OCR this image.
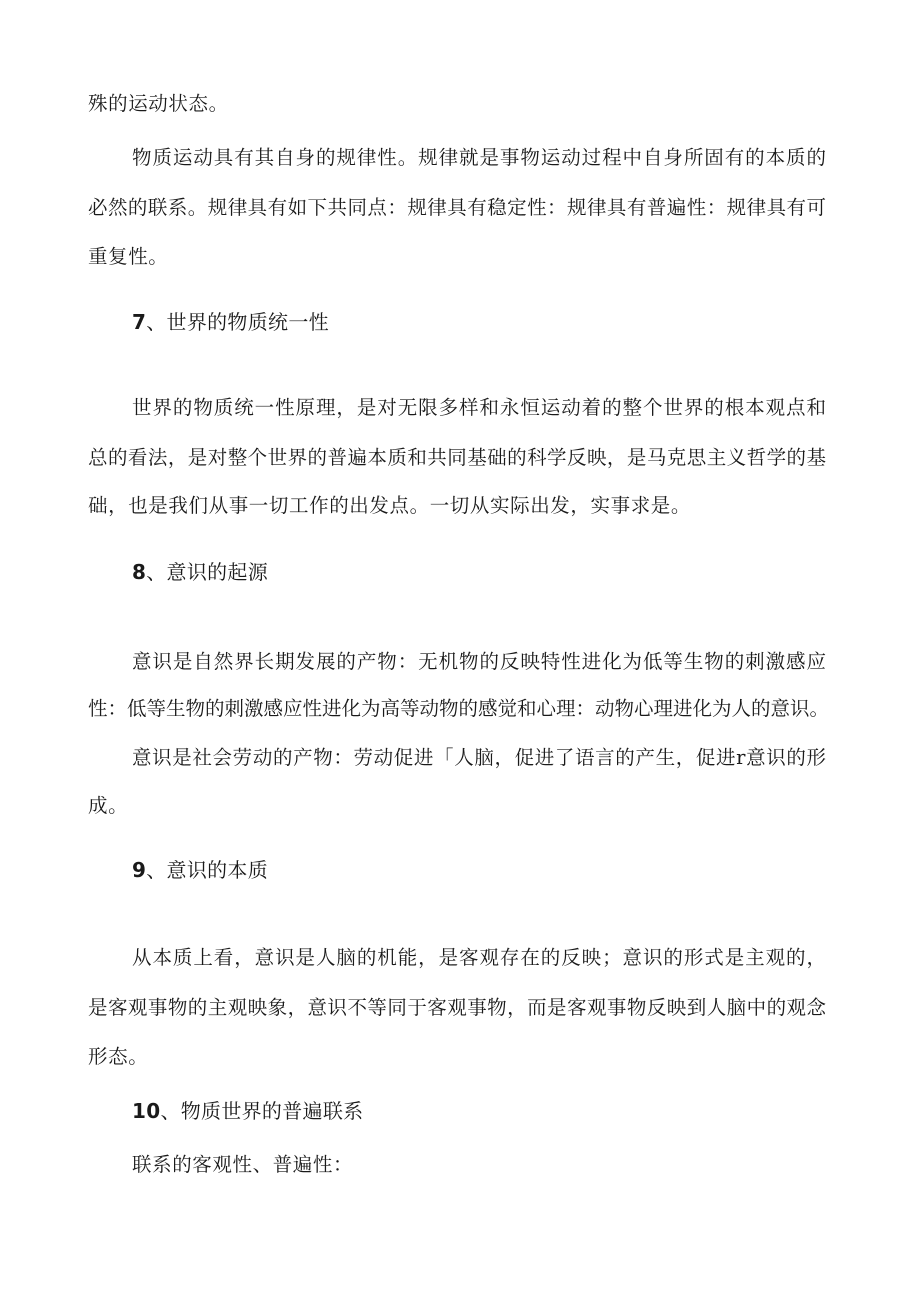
殊的运动状态。
物质运动具有其自身的规律性。规律就是事物运动过程中自身所固有的本质的
必然的联系。规律具有如下共同点：规律具有稳定性：规律具有普遍性：规律具有可
重复性。
7、世界的物质统一性
世界的物质统一性原理，是对无限多样和永恒运动着的整个世界的根本观点和
总的看法，是对整个世界的普遍本质和共同基础的科学反映，是马克思主义哲学的基
础，也是我们从事一切工作的出发点。一切从实际出发，实事求是。
8、意识的起源
意识是自然界长期发展的产物：无机物的反映特性进化为低等生物的刺激感应
性：低等生物的刺激感应性进化为高等动物的感觉和心理：动物心理进化为人的意识。
意识是社会劳动的产物：劳动促进「人脑，促进了语言的产生，促进r意识的形
成。
9、意识的本质
从本质上看，意识是人脑的机能，是客观存在的反映；意识的形式是主观的，
是客观事物的主观映象，意识不等同于客观事物，而是客观事物反映到人脑中的观念
形态。
10、物质世界的普遍联系
联系的客观性、普遍性：
